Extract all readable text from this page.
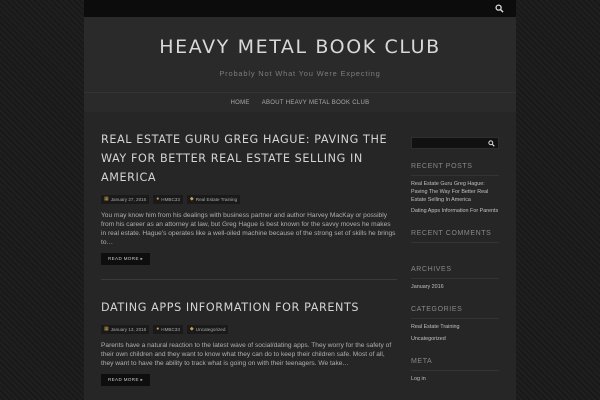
HEAVY METAL BOOK CLUB
Probably Not What You Were Expecting
HOME ABOUT HEAVY METAL BOOK CLUB
REAL ESTATE GURU GREG HAGUE: PAVING THE WAY FOR BETTER REAL ESTATE SELLING IN AMERICA
▦ January 27, 2016 ● HMBC33 ◆ Real Estate Training
You may know him from his dealings with business partner and author Harvey MacKay or possibly from his career as an attorney at law, but Greg Hague is best known for the savvy moves he makes in real estate. Hague's operates like a well-oiled machine because of the strong set of skills he brings to…
READ MORE ▸
DATING APPS INFORMATION FOR PARENTS
▦ January 13, 2016 ● HMBC33 ◆ Uncategorized
Parents have a natural reaction to the latest wave of social/dating apps. They worry for the safety of their own children and they want to know what they can do to keep their children safe. Most of all, they want to have the ability to track what is going on with their teenagers. We take…
READ MORE ▸
RECENT POSTS
Real Estate Guru Greg Hague: Paving The Way For Better Real Estate Selling In America
Dating Apps Information For Parents
RECENT COMMENTS
ARCHIVES
January 2016
CATEGORIES
Real Estate Training
Uncategorized
META
Log in
